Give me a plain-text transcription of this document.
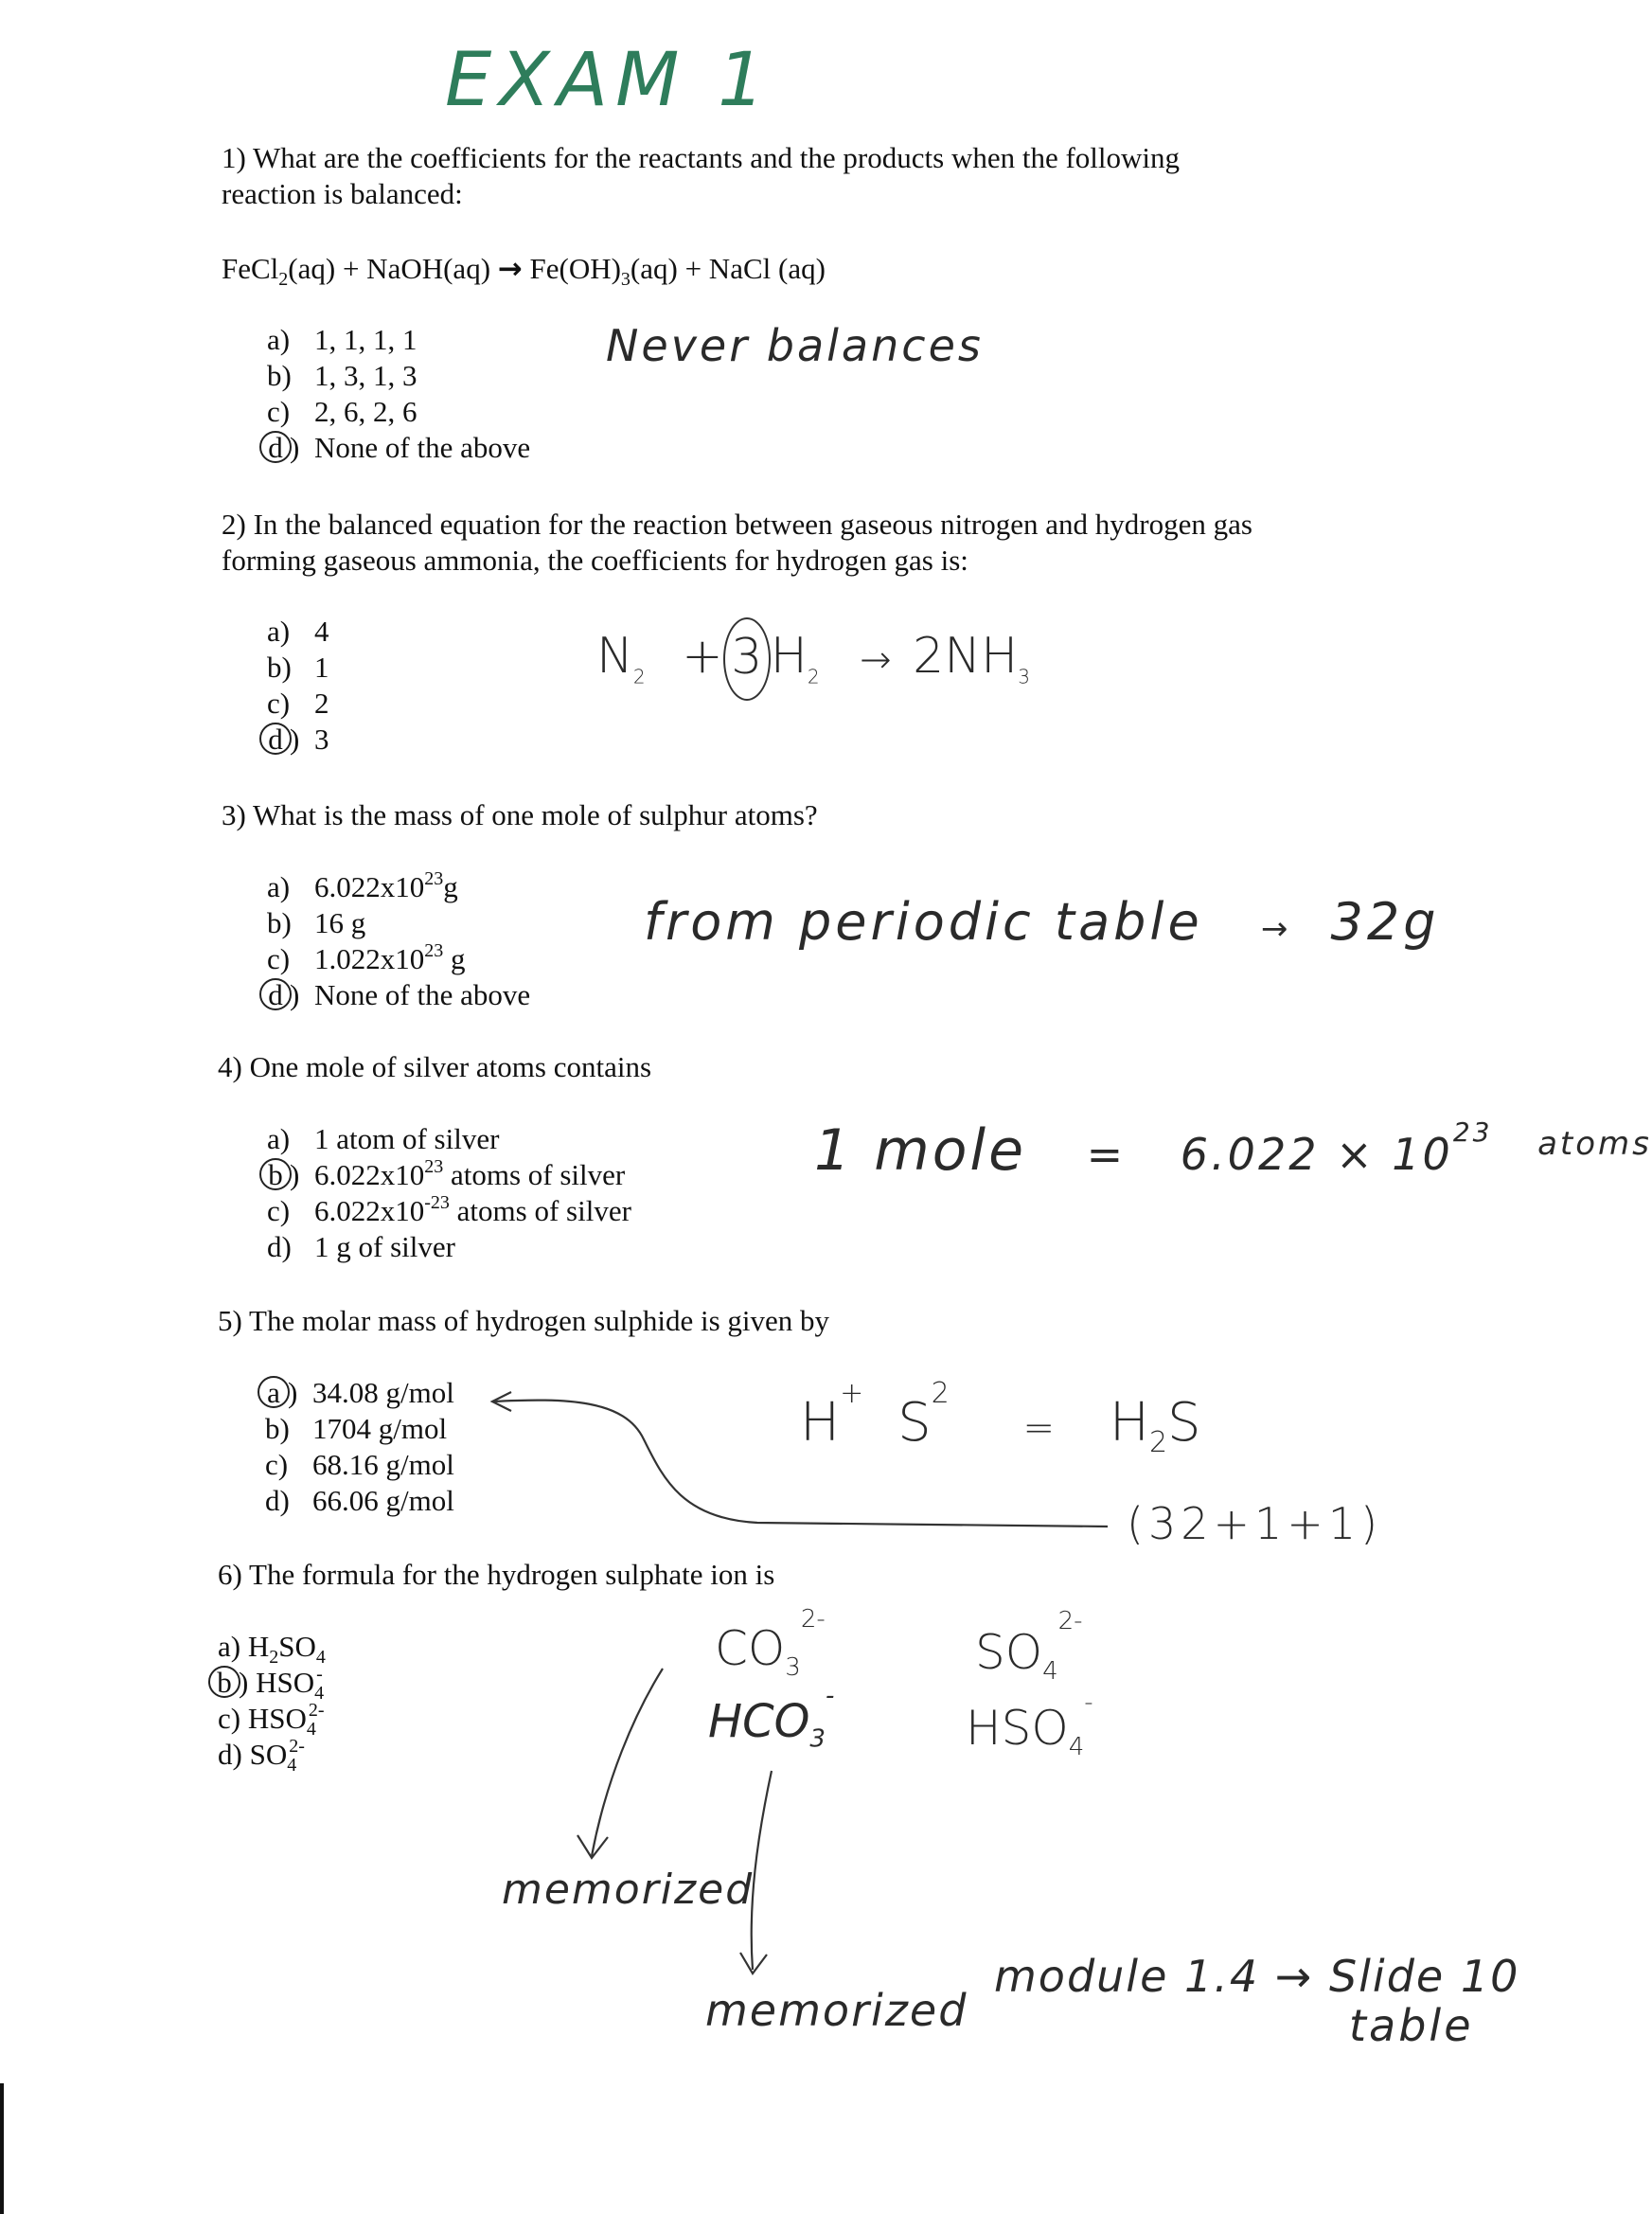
EXAM 1
1) What are the coefficients for the reactants and the products when the following
reaction is balanced:
FeCl$_2$(aq) + NaOH(aq) → $Fe(OH)_3(aq)$ + NaCl (aq)
a) 1, 1, 1, 1
b) 1, 3, 1, 3
c) 2, 6, 2, 6
d ) None of the above
Never balances
2) In the balanced equation for the reaction between gaseous nitrogen and hydrogen gas
forming gaseous ammonia, the coefficients for hydrogen gas is:
a) 4
b) 1
c) 2
d ) 3
$N_2 + 3$ $H_2 \to 2NH_3$
3) What is the mass of one mole of sulphur atoms?
a) $6.022x10^{23}g$
b) 16 g
c) $1.022x10^{23}$ g
d ) None of the above
from periodic table → 32g
4) One mole of silver atoms contains
a) 1 atom of silver
b ) $6.022x10^{23}$ atoms of silver
c) $6.022x10^{-23}$ atoms of silver
d) 1 g of silver
1 mole = $6.022 \times 10^{23}$ $^{atoms}$
5) The molar mass of hydrogen sulphide is given by
a ) 34.08 g/mol
b) 1704 g/mol
c) 68.16 g/mol
d) 66.06 g/mol
H+ $S^2 = H_2S$
(32+1+1)
6) The formula for the hydrogen sulphate ion is
a) $H_2SO_4$
b ) $HSO_4^-$
c) $HSO_4^{2-}$
d) $SO_4^{2-}$
$CO_3^{2-}$
$HCO_3^-$
$SO_4^{2-}$
$HSO_4^-$
memorized
memorized
module 1.4 → Slide 10
table
